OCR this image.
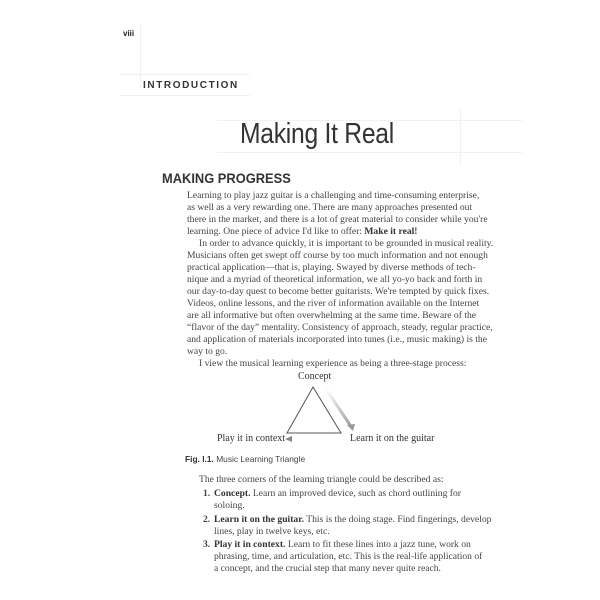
viii
INTRODUCTION
Making It Real
MAKING PROGRESS
Learning to play jazz guitar is a challenging and time-consuming enterprise,
as well as a very rewarding one. There are many approaches presented out
there in the market, and there is a lot of great material to consider while you're
learning. One piece of advice I'd like to offer: Make it real!
In order to advance quickly, it is important to be grounded in musical reality.
Musicians often get swept off course by too much information and not enough
practical application—that is, playing. Swayed by diverse methods of tech-
nique and a myriad of theoretical information, we all yo-yo back and forth in
our day-to-day quest to become better guitarists. We're tempted by quick fixes.
Videos, online lessons, and the river of information available on the Internet
are all informative but often overwhelming at the same time. Beware of the
“flavor of the day” mentality. Consistency of approach, steady, regular practice,
and application of materials incorporated into tunes (i.e., music making) is the
way to go.
I view the musical learning experience as being a three-stage process:
Concept
Play it in context	Learn it on the guitar
Fig. I.1. Music Learning Triangle
The three corners of the learning triangle could be described as:
1. Concept. Learn an improved device, such as chord outlining for
soloing.
2. Learn it on the guitar. This is the doing stage. Find fingerings, develop
lines, play in twelve keys, etc.
3. Play it in context. Learn to fit these lines into a jazz tune, work on
phrasing, time, and articulation, etc. This is the real-life application of
a concept, and the crucial step that many never quite reach.
